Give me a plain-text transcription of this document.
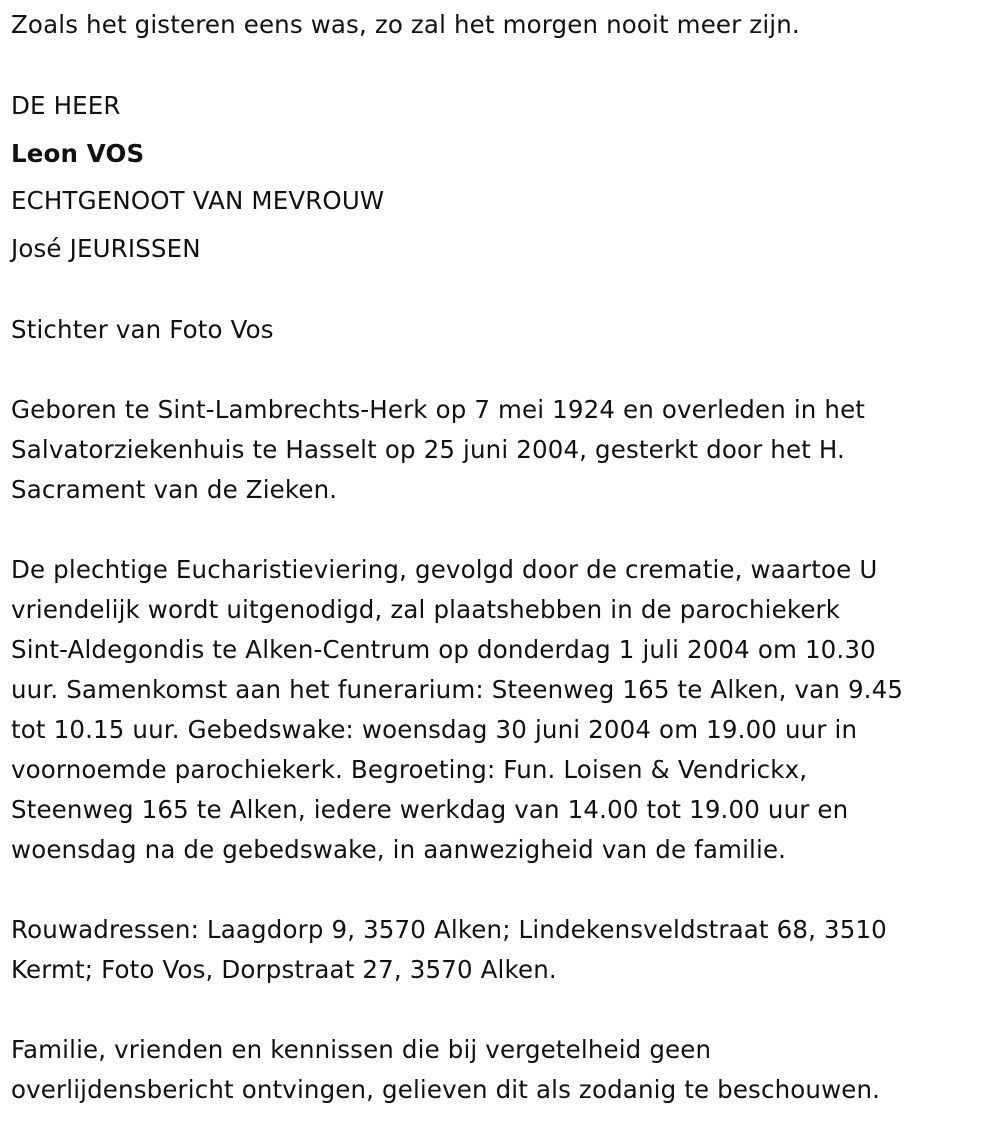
Zoals het gisteren eens was, zo zal het morgen nooit meer zijn.
DE HEER
Leon VOS
ECHTGENOOT VAN MEVROUW
José JEURISSEN
Stichter van Foto Vos
Geboren te Sint-Lambrechts-Herk op 7 mei 1924 en overleden in het
Salvatorziekenhuis te Hasselt op 25 juni 2004, gesterkt door het H.
Sacrament van de Zieken.
De plechtige Eucharistieviering, gevolgd door de crematie, waartoe U
vriendelijk wordt uitgenodigd, zal plaatshebben in de parochiekerk
Sint-Aldegondis te Alken-Centrum op donderdag 1 juli 2004 om 10.30
uur. Samenkomst aan het funerarium: Steenweg 165 te Alken, van 9.45
tot 10.15 uur. Gebedswake: woensdag 30 juni 2004 om 19.00 uur in
voornoemde parochiekerk. Begroeting: Fun. Loisen & Vendrickx,
Steenweg 165 te Alken, iedere werkdag van 14.00 tot 19.00 uur en
woensdag na de gebedswake, in aanwezigheid van de familie.
Rouwadressen: Laagdorp 9, 3570 Alken; Lindekensveldstraat 68, 3510
Kermt; Foto Vos, Dorpstraat 27, 3570 Alken.
Familie, vrienden en kennissen die bij vergetelheid geen
overlijdensbericht ontvingen, gelieven dit als zodanig te beschouwen.
